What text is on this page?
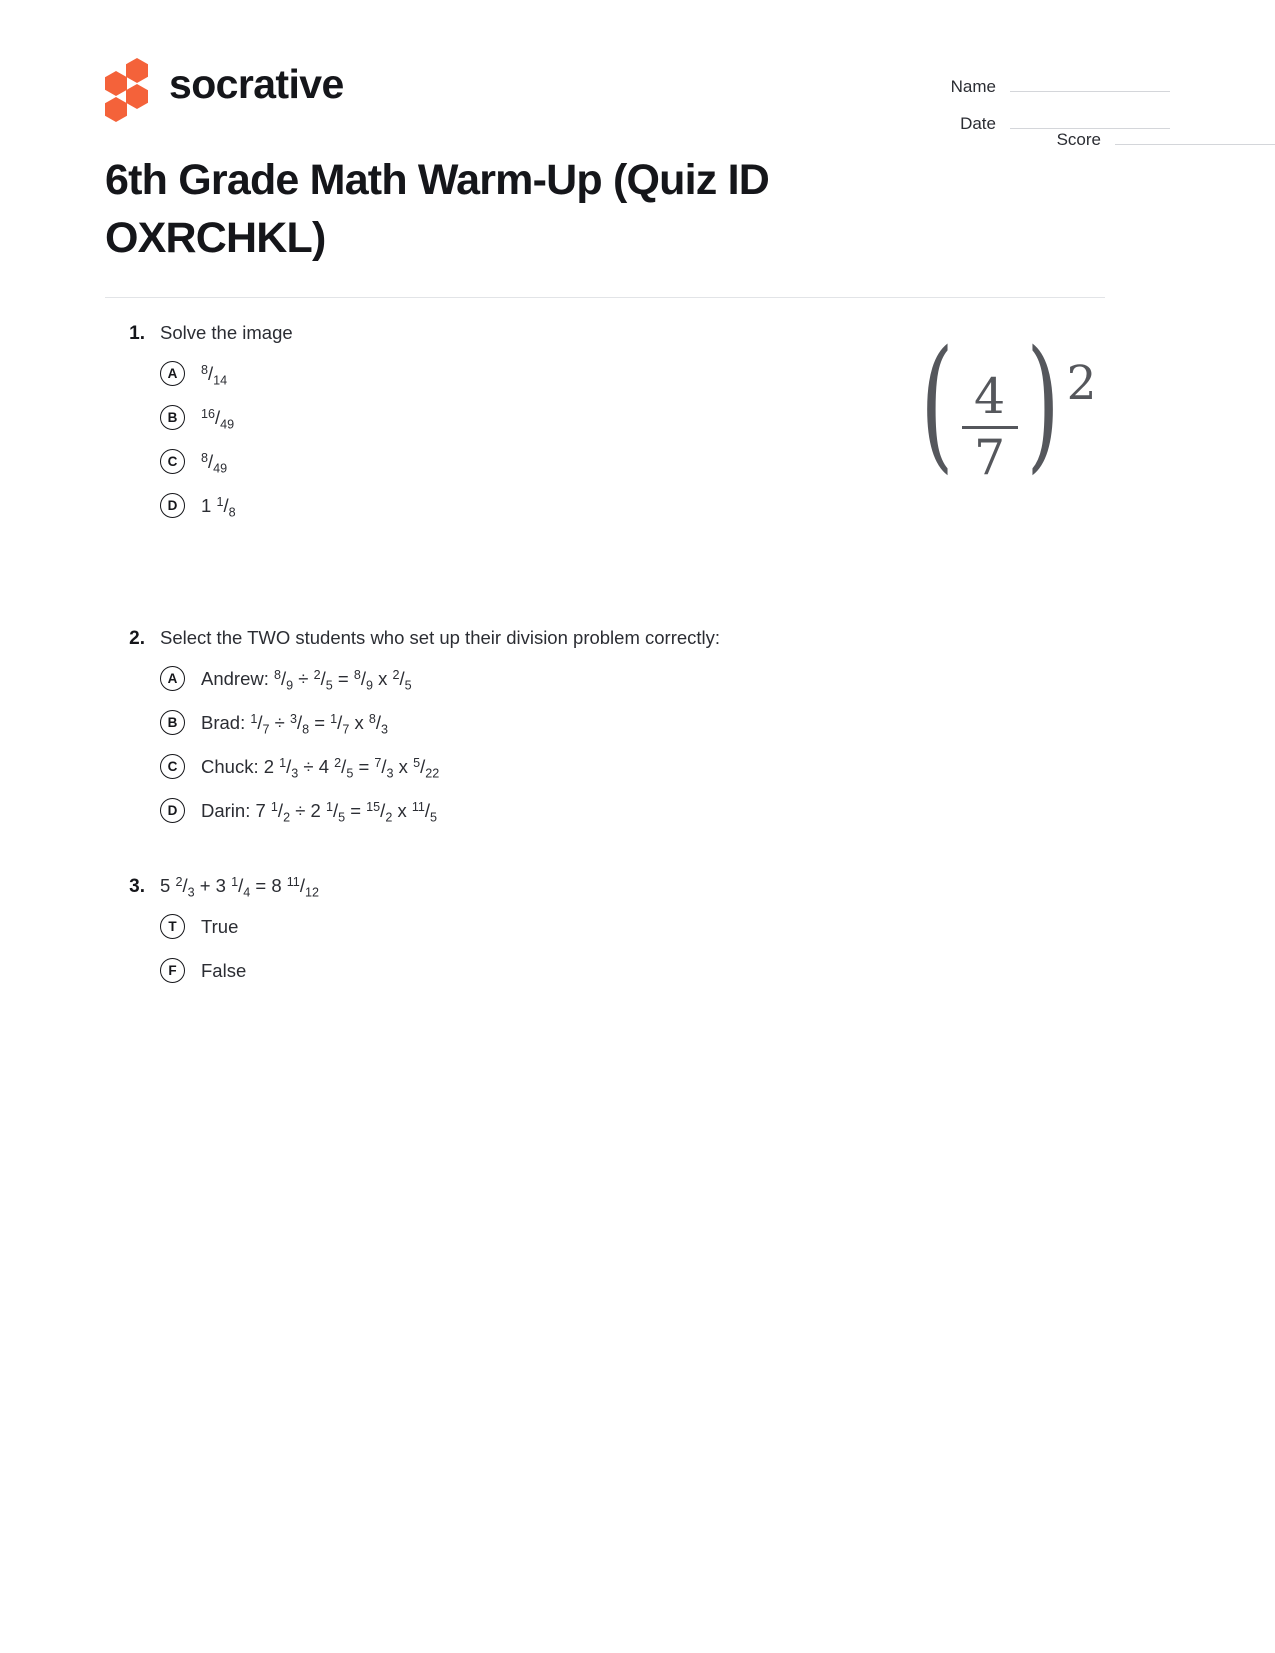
socrative	Name
Date
Score
6th Grade Math Warm-Up (Quiz ID OXRCHKL)
1. Solve the image
A	$^8/_{14}$
B	$^{16}/_{49}$
C	$^8/_{49}$
D	1 $^1/_8$
( $\frac{4}{7}$ ) 2
2. Select the TWO students who set up their division problem correctly:
A	Andrew: $^8/_9 \div ^2/_5 = ^8/_9$ x $^2/_5$
B	Brad: $^1/_7 \div ^3/_8 = ^1/_7$ x $^8/_3$
C	Chuck: 2 $^1/_3 \div 4$ $^2/_5 = ^7/_3$ x $^5/_{22}$
D	Darin: 7 $^1/_2 \div 2$ $^1/_5 = ^{15}/_2$ x $^{11}/_5$
3. 5 $^2/_3 + 3$ $^1/_4 = 8$ $^{11}/_{12}$
T	True
F	False
